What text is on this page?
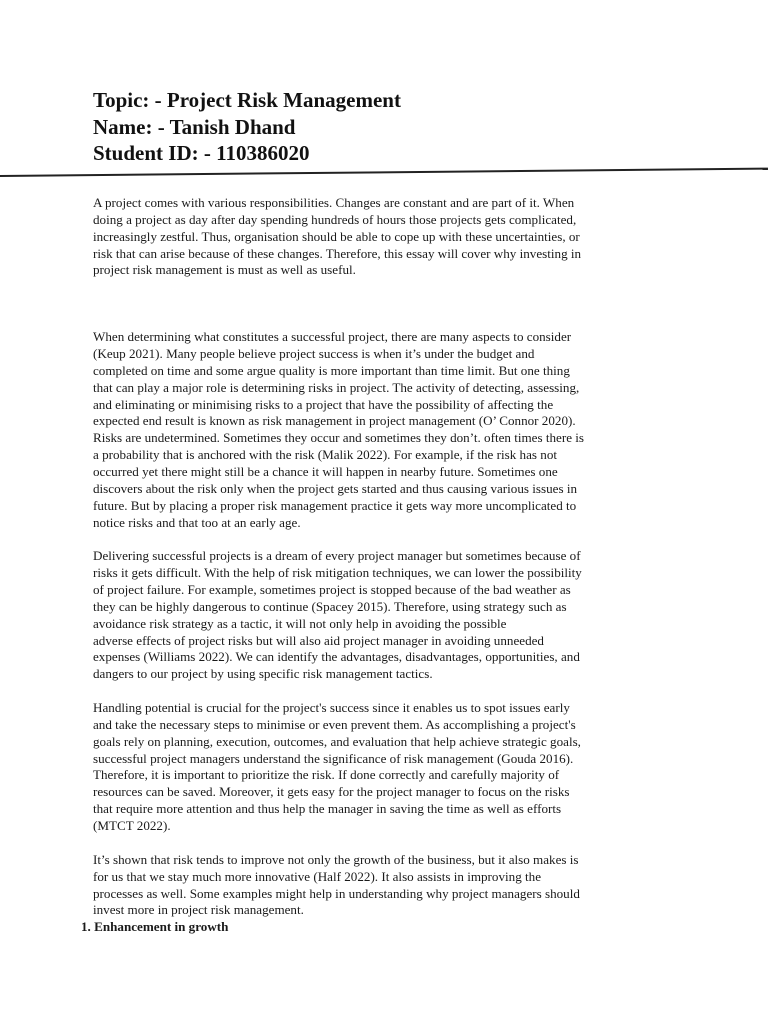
Topic: - Project Risk Management
Name: - Tanish Dhand
Student ID: - 110386020

A project comes with various responsibilities. Changes are constant and are part of it. When
doing a project as day after day spending hundreds of hours those projects gets complicated,
increasingly zestful. Thus, organisation should be able to cope up with these uncertainties, or
risk that can arise because of these changes. Therefore, this essay will cover why investing in
project risk management is must as well as useful.

When determining what constitutes a successful project, there are many aspects to consider
(Keup 2021). Many people believe project success is when it’s under the budget and
completed on time and some argue quality is more important than time limit. But one thing
that can play a major role is determining risks in project. The activity of detecting, assessing,
and eliminating or minimising risks to a project that have the possibility of affecting the
expected end result is known as risk management in project management (O’ Connor 2020).
Risks are undetermined. Sometimes they occur and sometimes they don’t. often times there is
a probability that is anchored with the risk (Malik 2022). For example, if the risk has not
occurred yet there might still be a chance it will happen in nearby future. Sometimes one
discovers about the risk only when the project gets started and thus causing various issues in
future. But by placing a proper risk management practice it gets way more uncomplicated to
notice risks and that too at an early age.

Delivering successful projects is a dream of every project manager but sometimes because of
risks it gets difficult. With the help of risk mitigation techniques, we can lower the possibility
of project failure. For example, sometimes project is stopped because of the bad weather as
they can be highly dangerous to continue (Spacey 2015). Therefore, using strategy such as
avoidance risk strategy as a tactic, it will not only help in avoiding the possible
adverse effects of project risks but will also aid project manager in avoiding unneeded
expenses (Williams 2022). We can identify the advantages, disadvantages, opportunities, and
dangers to our project by using specific risk management tactics.

Handling potential is crucial for the project's success since it enables us to spot issues early
and take the necessary steps to minimise or even prevent them. As accomplishing a project's
goals rely on planning, execution, outcomes, and evaluation that help achieve strategic goals,
successful project managers understand the significance of risk management (Gouda 2016).
Therefore, it is important to prioritize the risk. If done correctly and carefully majority of
resources can be saved. Moreover, it gets easy for the project manager to focus on the risks
that require more attention and thus help the manager in saving the time as well as efforts
(MTCT 2022).

It’s shown that risk tends to improve not only the growth of the business, but it also makes is
for us that we stay much more innovative (Half 2022). It also assists in improving the
processes as well. Some examples might help in understanding why project managers should
invest more in project risk management.

1. Enhancement in growth
